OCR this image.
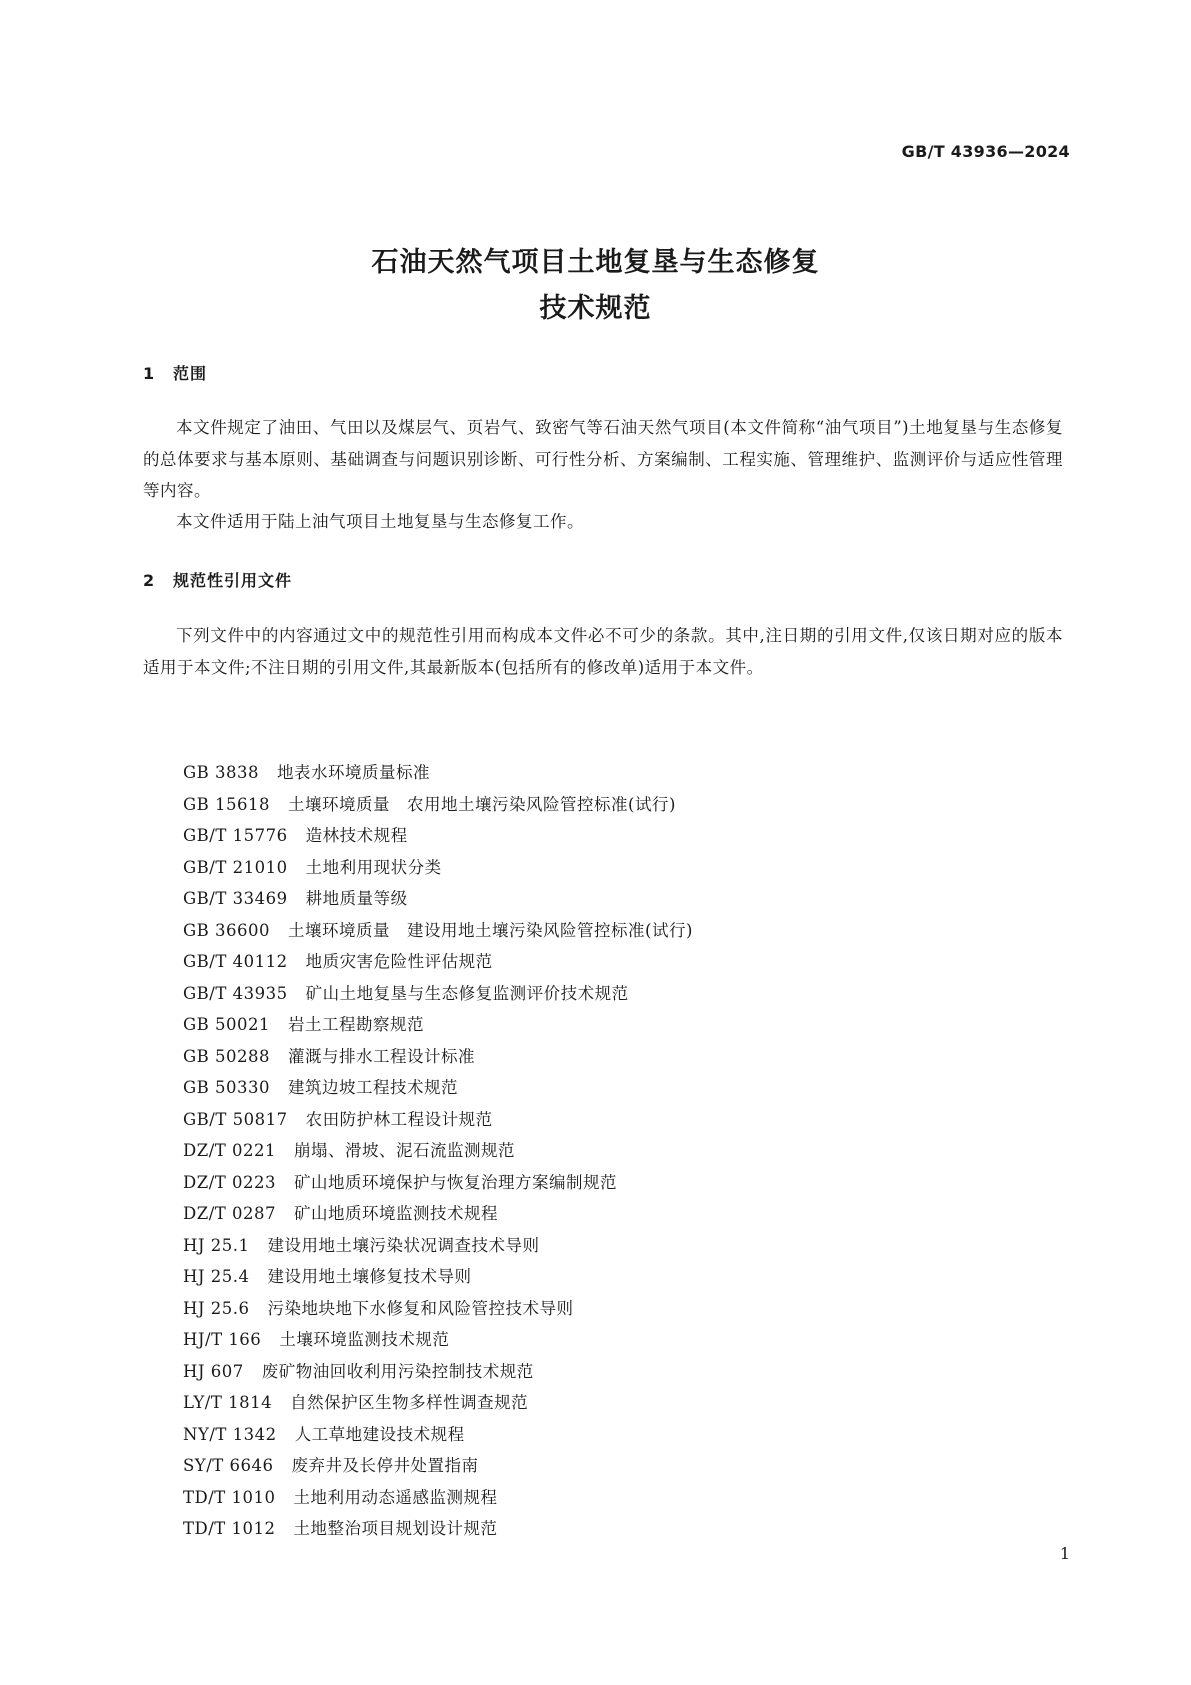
GB/T 43936—2024
石油天然气项目土地复垦与生态修复
技术规范
1 范围

本文件规定了油田、气田以及煤层气、页岩气、致密气等石油天然气项目(本文件简称“油气项目”)土地复垦与生态修复的总体要求与基本原则、基础调查与问题识别诊断、可行性分析、方案编制、工程实施、管理维护、监测评价与适应性管理等内容。

本文件适用于陆上油气项目土地复垦与生态修复工作。

2 规范性引用文件

下列文件中的内容通过文中的规范性引用而构成本文件必不可少的条款。其中,注日期的引用文件,仅该日期对应的版本适用于本文件;不注日期的引用文件,其最新版本(包括所有的修改单)适用于本文件。

GB 3838 地表水环境质量标准
GB 15618 土壤环境质量　农用地土壤污染风险管控标准(试行)
GB/T 15776 造林技术规程
GB/T 21010 土地利用现状分类
GB/T 33469 耕地质量等级
GB 36600 土壤环境质量　建设用地土壤污染风险管控标准(试行)
GB/T 40112 地质灾害危险性评估规范
GB/T 43935 矿山土地复垦与生态修复监测评价技术规范
GB 50021 岩土工程勘察规范
GB 50288 灌溉与排水工程设计标准
GB 50330 建筑边坡工程技术规范
GB/T 50817 农田防护林工程设计规范
DZ/T 0221 崩塌、滑坡、泥石流监测规范
DZ/T 0223 矿山地质环境保护与恢复治理方案编制规范
DZ/T 0287 矿山地质环境监测技术规程
HJ 25.1 建设用地土壤污染状况调查技术导则
HJ 25.4 建设用地土壤修复技术导则
HJ 25.6 污染地块地下水修复和风险管控技术导则
HJ/T 166 土壤环境监测技术规范
HJ 607 废矿物油回收利用污染控制技术规范
LY/T 1814 自然保护区生物多样性调查规范
NY/T 1342 人工草地建设技术规程
SY/T 6646 废弃井及长停井处置指南
TD/T 1010 土地利用动态遥感监测规程
TD/T 1012 土地整治项目规划设计规范
1
